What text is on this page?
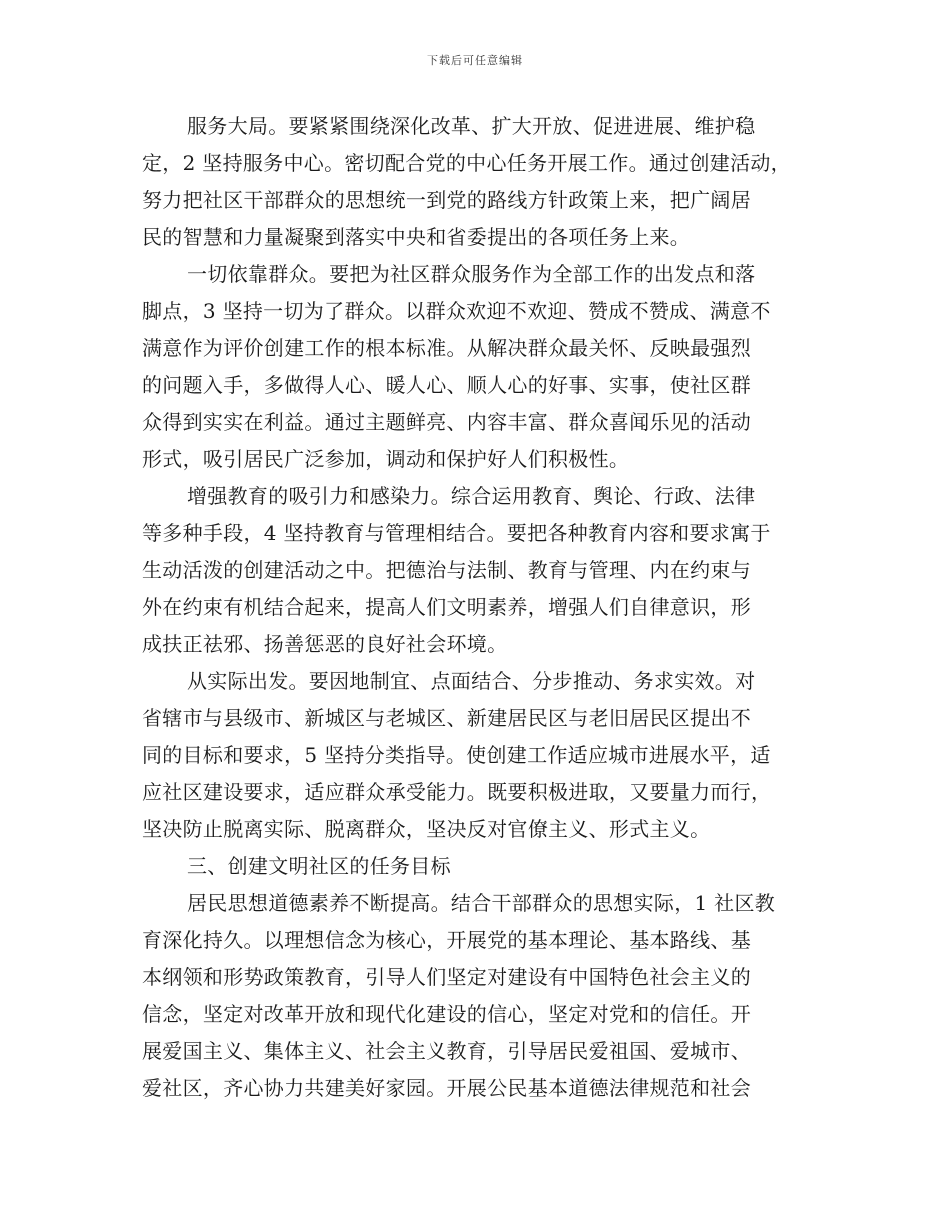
下载后可任意编辑
服务大局。要紧紧围绕深化改革、扩大开放、促进进展、维护稳
定，2 坚持服务中心。密切配合党的中心任务开展工作。通过创建活动，
努力把社区干部群众的思想统一到党的路线方针政策上来，把广阔居
民的智慧和力量凝聚到落实中央和省委提出的各项任务上来。
一切依靠群众。要把为社区群众服务作为全部工作的出发点和落
脚点，3 坚持一切为了群众。以群众欢迎不欢迎、赞成不赞成、满意不
满意作为评价创建工作的根本标准。从解决群众最关怀、反映最强烈
的问题入手，多做得人心、暖人心、顺人心的好事、实事，使社区群
众得到实实在利益。通过主题鲜亮、内容丰富、群众喜闻乐见的活动
形式，吸引居民广泛参加，调动和保护好人们积极性。
增强教育的吸引力和感染力。综合运用教育、舆论、行政、法律
等多种手段，4 坚持教育与管理相结合。要把各种教育内容和要求寓于
生动活泼的创建活动之中。把德治与法制、教育与管理、内在约束与
外在约束有机结合起来，提高人们文明素养，增强人们自律意识，形
成扶正祛邪、扬善惩恶的良好社会环境。
从实际出发。要因地制宜、点面结合、分步推动、务求实效。对
省辖市与县级市、新城区与老城区、新建居民区与老旧居民区提出不
同的目标和要求，5 坚持分类指导。使创建工作适应城市进展水平，适
应社区建设要求，适应群众承受能力。既要积极进取，又要量力而行，
坚决防止脱离实际、脱离群众，坚决反对官僚主义、形式主义。
三、创建文明社区的任务目标
居民思想道德素养不断提高。结合干部群众的思想实际，1 社区教
育深化持久。以理想信念为核心，开展党的基本理论、基本路线、基
本纲领和形势政策教育，引导人们坚定对建设有中国特色社会主义的
信念，坚定对改革开放和现代化建设的信心，坚定对党和的信任。开
展爱国主义、集体主义、社会主义教育，引导居民爱祖国、爱城市、
爱社区，齐心协力共建美好家园。开展公民基本道德法律规范和社会
